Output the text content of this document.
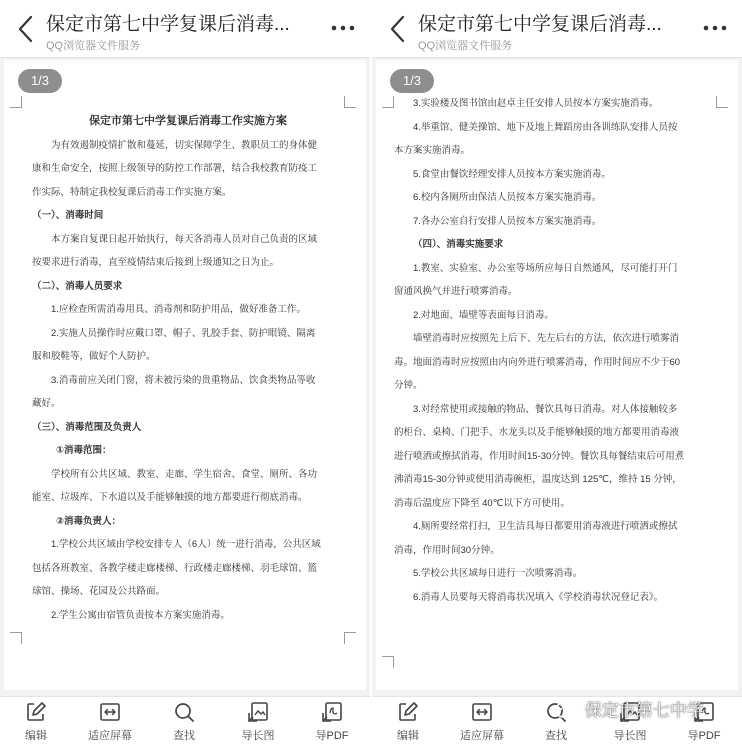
保定市第七中学复课后消毒...
QQ浏览器文件服务

保定市第七中学复课后消毒工作实施方案

为有效遏制疫情扩散和蔓延，切实保障学生、教职员工的身体健

康和生命安全，按照上级领导的防控工作部署，结合我校教育防疫工

作实际，特制定我校复课后消毒工作实施方案。

（一）、消毒时间

本方案自复课日起开始执行，每天各消毒人员对自己负责的区域

按要求进行消毒，直至疫情结束后接到上级通知之日为止。

（二）、消毒人员要求

1.应检查所需消毒用具、消毒剂和防护用品，做好准备工作。

2.实施人员操作时应戴口罩、帽子、乳胶手套、防护眼镜、隔离

服和胶鞋等，做好个人防护。

3.消毒前应关闭门窗，将未被污染的贵重物品、饮食类物品等收

藏好。

（三）、消毒范围及负责人

①消毒范围：

学校所有公共区域、教室、走廊、学生宿舍、食堂、厕所、各功

能室、垃圾库、下水道以及手能够触摸的地方都要进行彻底消毒。

②消毒负责人：

1.学校公共区域由学校安排专人（6人）统一进行消毒，公共区域

包括各班教室、各教学楼走廊楼梯、行政楼走廊楼梯、羽毛球馆、篮

球馆、操场、花园及公共路面。

2.学生公寓由宿管负责按本方案实施消毒。

1/3
编辑	适应屏幕	查找	导长图	导PDF
保定市第七中学复课后消毒...
QQ浏览器文件服务

3.实验楼及图书馆由赵卓主任安排人员按本方案实施消毒。

4.举重馆、健美操馆、地下及地上舞蹈房由各训练队安排人员按

本方案实施消毒。

5.食堂由餐饮经理安排人员按本方案实施消毒。

6.校内各厕所由保洁人员按本方案实施消毒。

7.各办公室自行安排人员按本方案实施消毒。

（四）、消毒实施要求

1.教室、实验室、办公室等场所应每日自然通风，尽可能打开门

窗通风换气并进行喷雾消毒。

2.对地面、墙壁等表面每日消毒。

墙壁消毒时应按照先上后下、先左后右的方法，依次进行喷雾消

毒。地面消毒时应按照由内向外进行喷雾消毒，作用时间应不少于60

分钟。

3.对经常使用或接触的物品、餐饮具每日消毒。对人体接触较多

的柜台、桌椅、门把手、水龙头以及手能够触摸的地方都要用消毒液

进行喷洒或擦拭消毒，作用时间15-30分钟。餐饮具每餐结束后可用煮

沸消毒15-30分钟或使用消毒碗柜，温度达到 125℃，维持 15 分钟，

消毒后温度应下降至 40℃以下方可使用。

4.厕所要经常打扫，卫生洁具每日都要用消毒液进行喷洒或擦拭

消毒，作用时间30分钟。

5.学校公共区域每日进行一次喷雾消毒。

6.消毒人员要每天将消毒状况填入《学校消毒状况登记表》。

1/3
编辑	适应屏幕	查找	导长图	导PDF
保定市第七中学
